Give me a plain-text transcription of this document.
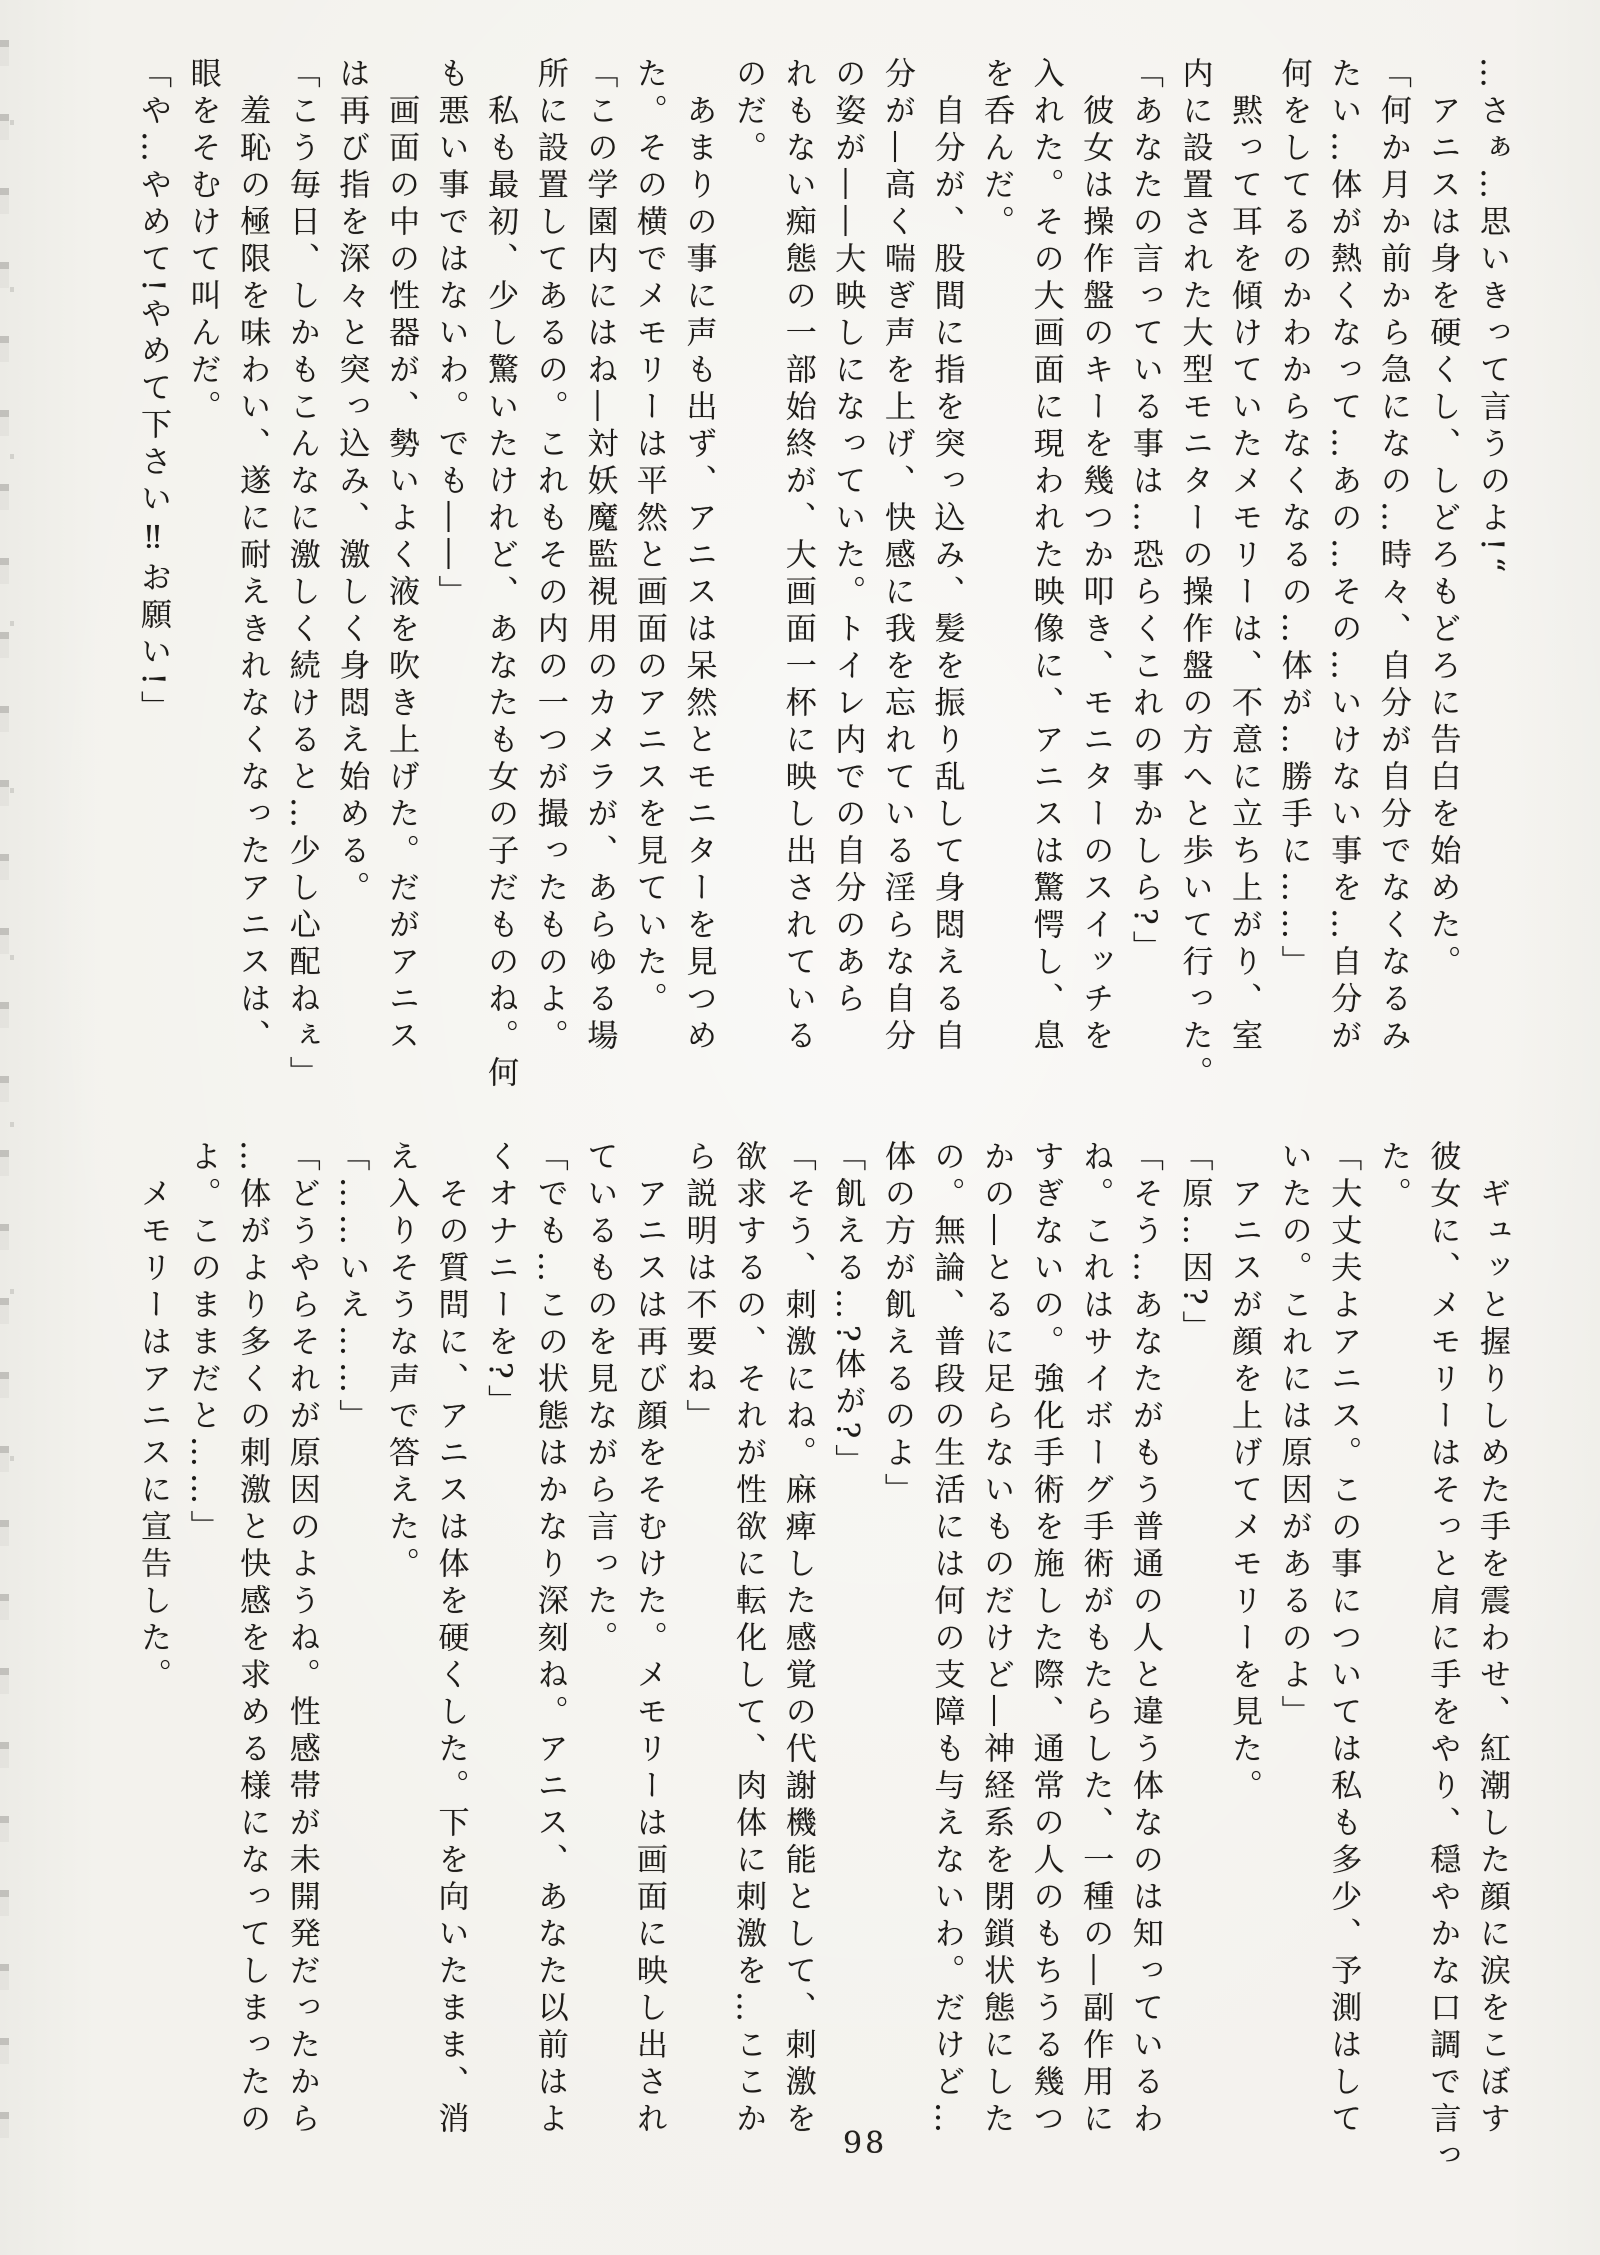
…さぁ…思いきって言うのよ!“
アニスは身を硬くし、しどろもどろに告白を始めた。
「何か月か前から急になの…時々、自分が自分でなくなるみ
たい…体が熱くなって…あの…その…いけない事を…自分が
何をしてるのかわからなくなるの…体が…勝手に……」
黙って耳を傾けていたメモリーは、不意に立ち上がり、室
内に設置された大型モニターの操作盤の方へと歩いて行った。
「あなたの言っている事は…恐らくこれの事かしら?」
彼女は操作盤のキーを幾つか叩き、モニターのスイッチを
入れた。その大画面に現われた映像に、アニスは驚愕し、息
を呑んだ。
自分が、股間に指を突っ込み、髪を振り乱して身悶える自
分が―高く喘ぎ声を上げ、快感に我を忘れている淫らな自分
の姿が――大映しになっていた。トイレ内での自分のあら
れもない痴態の一部始終が、大画面一杯に映し出されている
のだ。
あまりの事に声も出ず、アニスは呆然とモニターを見つめ
た。その横でメモリーは平然と画面のアニスを見ていた。
「この学園内にはね―対妖魔監視用のカメラが、あらゆる場
所に設置してあるの。これもその内の一つが撮ったものよ。
私も最初、少し驚いたけれど、あなたも女の子だものね。何
も悪い事ではないわ。でも――」
画面の中の性器が、勢いよく液を吹き上げた。だがアニス
は再び指を深々と突っ込み、激しく身悶え始める。
「こう毎日、しかもこんなに激しく続けると…少し心配ねぇ」
羞恥の極限を味わい、遂に耐えきれなくなったアニスは、
眼をそむけて叫んだ。
「や…やめて!やめて下さい‼お願い!」
ギュッと握りしめた手を震わせ、紅潮した顔に涙をこぼす
彼女に、メモリーはそっと肩に手をやり、穏やかな口調で言っ
た。
「大丈夫よアニス。この事については私も多少、予測はして
いたの。これには原因があるのよ」
アニスが顔を上げてメモリーを見た。
「原…因?」
「そう…あなたがもう普通の人と違う体なのは知っているわ
ね。これはサイボーグ手術がもたらした、一種の―副作用に
すぎないの。強化手術を施した際、通常の人のもちうる幾つ
かの―とるに足らないものだけど―神経系を閉鎖状態にした
の。無論、普段の生活には何の支障も与えないわ。だけど…
体の方が飢えるのよ」
「飢える…?体が?」
「そう、刺激にね。麻痺した感覚の代謝機能として、刺激を
欲求するの、それが性欲に転化して、肉体に刺激を…ここか
ら説明は不要ね」
アニスは再び顔をそむけた。メモリーは画面に映し出され
ているものを見ながら言った。
「でも…この状態はかなり深刻ね。アニス、あなた以前はよ
くオナニーを?」
その質問に、アニスは体を硬くした。下を向いたまま、消
え入りそうな声で答えた。
「……いえ……」
「どうやらそれが原因のようね。性感帯が未開発だったから
…体がより多くの刺激と快感を求める様になってしまったの
よ。このままだと……」
メモリーはアニスに宣告した。
98
